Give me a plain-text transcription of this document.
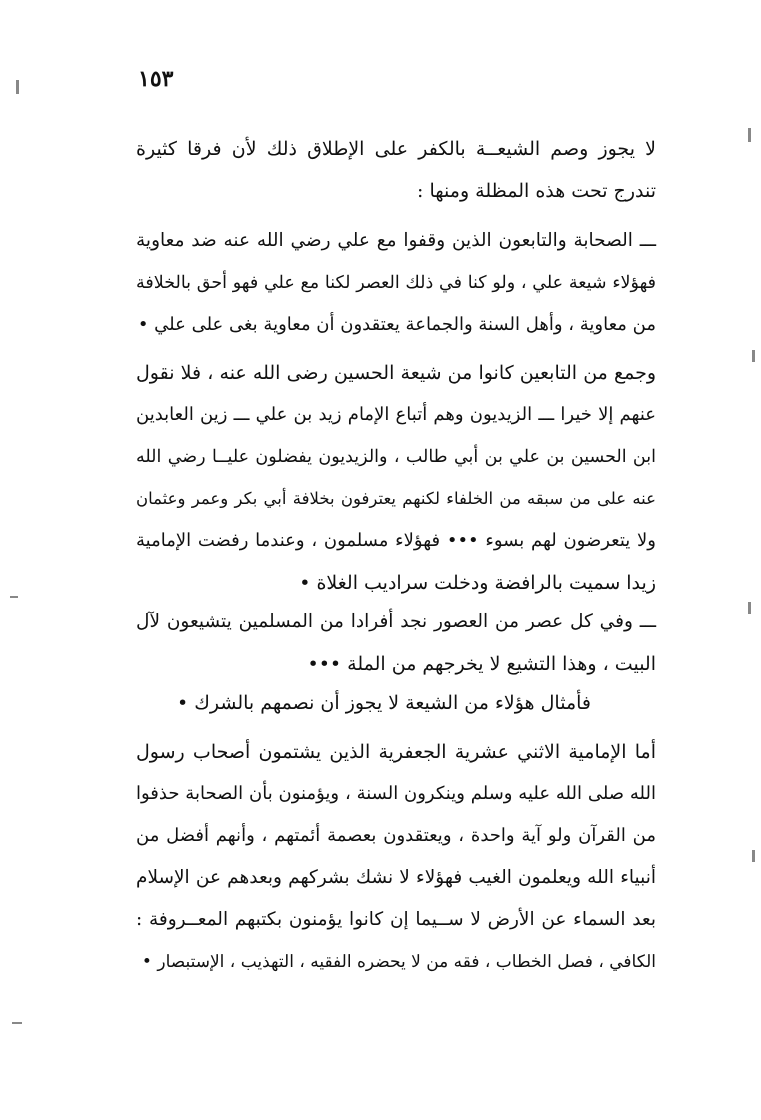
١٥٣
لا يجوز وصم الشيعــة بالكفر على الإطلاق ذلك لأن فرقا كثيرة
تندرج تحت هذه المظلة ومنها :
ـــ الصحابة والتابعون الذين وقفوا مع علي رضي الله عنه ضد معاوية
فهؤلاء شيعة علي ، ولو كنا في ذلك العصر لكنا مع علي فهو أحق بالخلافة
من معاوية ، وأهل السنة والجماعة يعتقدون أن معاوية بغى على علي •
وجمع من التابعين كانوا من شيعة الحسين رضى الله عنه ، فلا نقول
عنهم إلا خيرا ـــ الزيديون وهم أتباع الإمام زيد بن علي ـــ زين العابدين
ابن الحسين بن علي بن أبي طالب ، والزيديون يفضلون عليــا رضي الله
عنه على من سبقه من الخلفاء لكنهم يعترفون بخلافة أبي بكر وعمر وعثمان
ولا يتعرضون لهم بسوء ••• فهؤلاء مسلمون ، وعندما رفضت الإمامية
زيدا سميت بالرافضة ودخلت سراديب الغلاة •
ـــ وفي كل عصر من العصور نجد أفرادا من المسلمين يتشيعون لآل
البيت ، وهذا التشيع لا يخرجهم من الملة •••
فأمثال هؤلاء من الشيعة لا يجوز أن نصمهم بالشرك •
أما الإمامية الاثني عشرية الجعفرية الذين يشتمون أصحاب رسول
الله صلى الله عليه وسلم وينكرون السنة ، ويؤمنون بأن الصحابة حذفوا
من القرآن ولو آية واحدة ، ويعتقدون بعصمة أئمتهم ، وأنهم أفضل من
أنبياء الله ويعلمون الغيب فهؤلاء لا نشك بشركهم وبعدهم عن الإسلام
بعد السماء عن الأرض لا ســيما إن كانوا يؤمنون بكتبهم المعــروفة :
الكافي ، فصل الخطاب ، فقه من لا يحضره الفقيه ، التهذيب ، الإستبصار •
